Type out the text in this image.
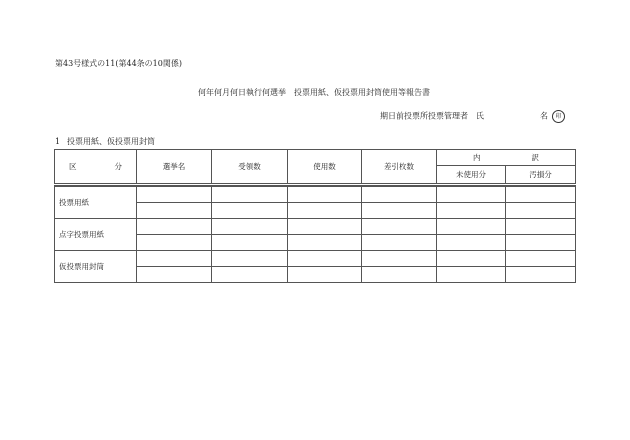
第43号様式の11(第44条の10関係)
何年何月何日執行何選挙　投票用紙、仮投票用封筒使用等報告書
期日前投票所投票管理者　氏	名 印
1 投票用紙、仮投票用封筒
区 分	選挙名	受領数	使用数	差引枚数	内 訳	

					未使用分	汚損分

投票用紙						

点字投票用紙						

仮投票用封筒						
